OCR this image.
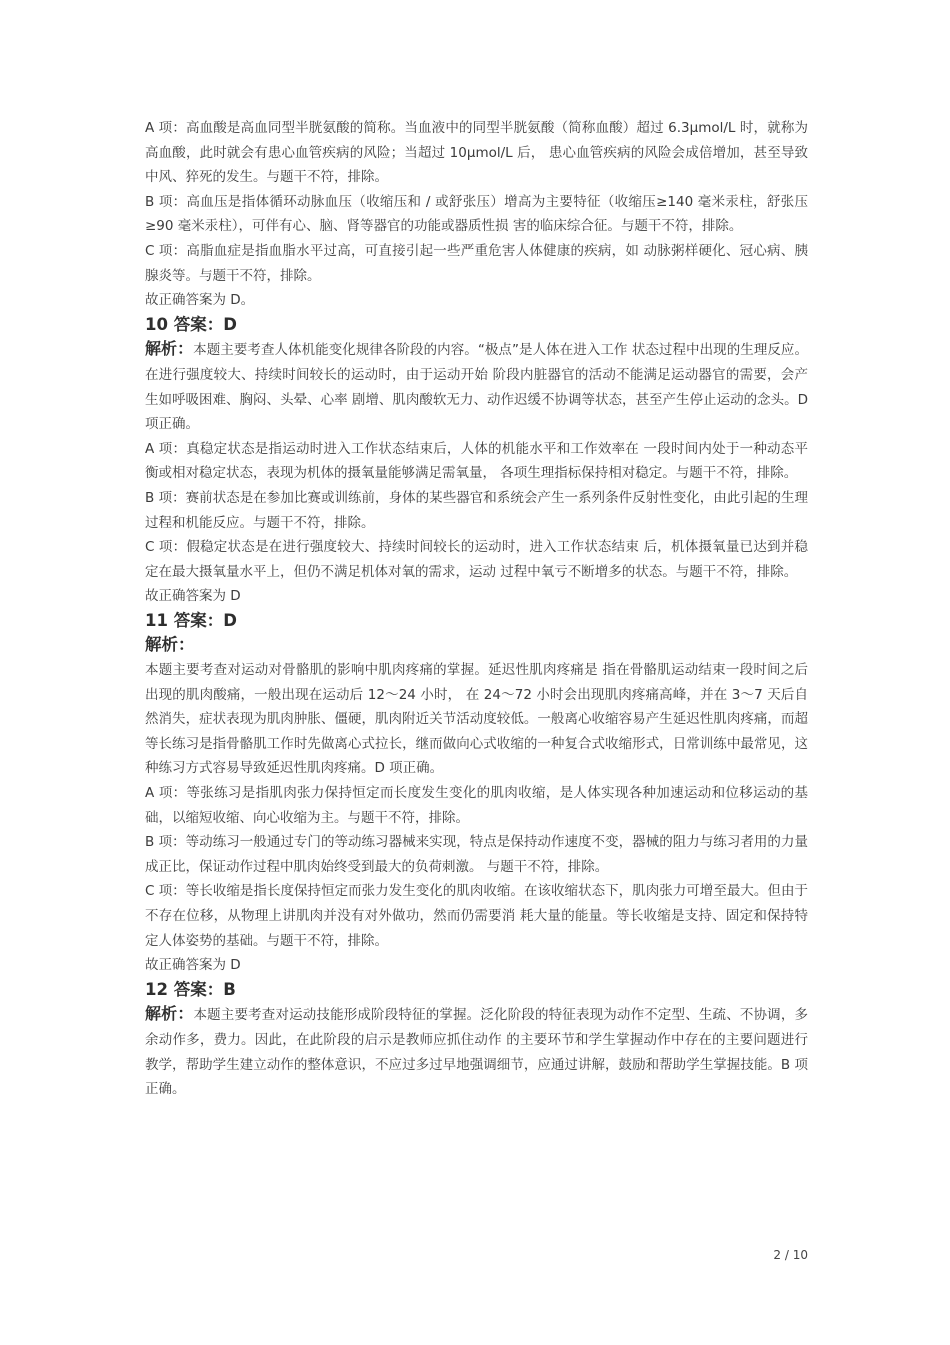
A 项：高血酸是高血同型半胱氨酸的简称。当血液中的同型半胱氨酸（简称血酸）超过 6.3μmol/L 时，就称为高血酸，此时就会有患心血管疾病的风险；当超过 10μmol/L 后， 患心血管疾病的风险会成倍增加，甚至导致中风、猝死的发生。与题干不符，排除。
B 项：高血压是指体循环动脉血压（收缩压和 / 或舒张压）增高为主要特征（收缩压≥140 毫米汞柱，舒张压≥90 毫米汞柱），可伴有心、脑、肾等器官的功能或器质性损 害的临床综合征。与题干不符，排除。
C 项：高脂血症是指血脂水平过高，可直接引起一些严重危害人体健康的疾病，如 动脉粥样硬化、冠心病、胰腺炎等。与题干不符，排除。
故正确答案为 D。
10 答案：D
解析：本题主要考查人体机能变化规律各阶段的内容。“极点”是人体在进入工作 状态过程中出现的生理反应。在进行强度较大、持续时间较长的运动时，由于运动开始 阶段内脏器官的活动不能满足运动器官的需要，会产生如呼吸困难、胸闷、头晕、心率 剧增、肌肉酸软无力、动作迟缓不协调等状态，甚至产生停止运动的念头。D 项正确。
A 项：真稳定状态是指运动时进入工作状态结束后，人体的机能水平和工作效率在 一段时间内处于一种动态平衡或相对稳定状态，表现为机体的摄氧量能够满足需氧量， 各项生理指标保持相对稳定。与题干不符，排除。
B 项：赛前状态是在参加比赛或训练前，身体的某些器官和系统会产生一系列条件反射性变化，由此引起的生理过程和机能反应。与题干不符，排除。
C 项：假稳定状态是在进行强度较大、持续时间较长的运动时，进入工作状态结束 后，机体摄氧量已达到并稳定在最大摄氧量水平上，但仍不满足机体对氧的需求，运动 过程中氧亏不断增多的状态。与题干不符，排除。
故正确答案为 D
11 答案：D
解析：
本题主要考查对运动对骨骼肌的影响中肌肉疼痛的掌握。延迟性肌肉疼痛是 指在骨骼肌运动结束一段时间之后出现的肌肉酸痛，一般出现在运动后 12～24 小时， 在 24～72 小时会出现肌肉疼痛高峰，并在 3～7 天后自然消失，症状表现为肌肉肿胀、僵硬，肌肉附近关节活动度较低。一般离心收缩容易产生延迟性肌肉疼痛，而超等长练习是指骨骼肌工作时先做离心式拉长，继而做向心式收缩的一种复合式收缩形式，日常训练中最常见，这种练习方式容易导致延迟性肌肉疼痛。D 项正确。
A 项：等张练习是指肌肉张力保持恒定而长度发生变化的肌肉收缩，是人体实现各种加速运动和位移运动的基础，以缩短收缩、向心收缩为主。与题干不符，排除。
B 项：等动练习一般通过专门的等动练习器械来实现，特点是保持动作速度不变，器械的阻力与练习者用的力量成正比，保证动作过程中肌肉始终受到最大的负荷刺激。 与题干不符，排除。
C 项：等长收缩是指长度保持恒定而张力发生变化的肌肉收缩。在该收缩状态下，肌肉张力可增至最大。但由于不存在位移，从物理上讲肌肉并没有对外做功，然而仍需要消 耗大量的能量。等长收缩是支持、固定和保持特定人体姿势的基础。与题干不符，排除。
故正确答案为 D
12 答案：B
解析：本题主要考查对运动技能形成阶段特征的掌握。泛化阶段的特征表现为动作不定型、生疏、不协调，多余动作多，费力。因此，在此阶段的启示是教师应抓住动作 的主要环节和学生掌握动作中存在的主要问题进行教学，帮助学生建立动作的整体意识，不应过多过早地强调细节，应通过讲解，鼓励和帮助学生掌握技能。B 项正确。
2 / 10
